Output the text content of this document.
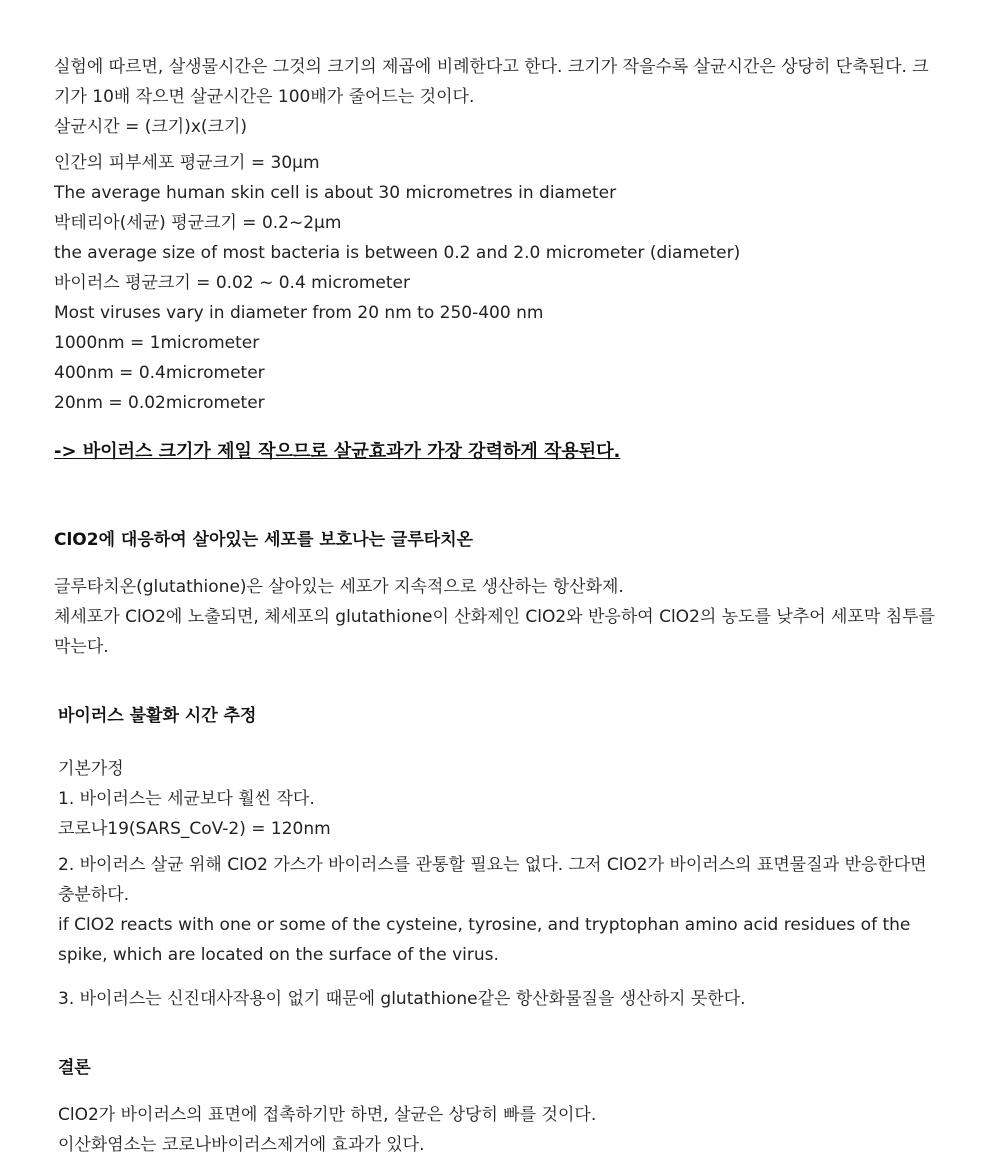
실험에 따르면, 살생물시간은 그것의 크기의 제곱에 비례한다고 한다. 크기가 작을수록 살균시간은 상당히 단축된다. 크기가 10배 작으면 살균시간은 100배가 줄어드는 것이다.

살균시간 = (크기)x(크기)

인간의 피부세포 평균크기 = 30μm

The average human skin cell is about 30 micrometres in diameter

박테리아(세균) 평균크기 = 0.2~2μm

the average size of most bacteria is between 0.2 and 2.0 micrometer (diameter)

바이러스 평균크기 = 0.02 ~ 0.4 micrometer

Most viruses vary in diameter from 20 nm to 250-400 nm

1000nm = 1micrometer

400nm = 0.4micrometer

20nm = 0.02micrometer

-> 바이러스 크기가 제일 작으므로 살균효과가 가장 강력하게 작용된다.

ClO2에 대응하여 살아있는 세포를 보호나는 글루타치온

글루타치온(glutathione)은 살아있는 세포가 지속적으로 생산하는 항산화제.

체세포가 ClO2에 노출되면, 체세포의 glutathione이 산화제인 ClO2와 반응하여 ClO2의 농도를 낮추어 세포막 침투를 막는다.

바이러스 불활화 시간 추정

기본가정

1. 바이러스는 세균보다 훨씬 작다.

코로나19(SARS_CoV-2) = 120nm

2. 바이러스 살균 위해 ClO2 가스가 바이러스를 관통할 필요는 없다. 그저 ClO2가 바이러스의 표면물질과 반응한다면 충분하다.

if ClO2 reacts with one or some of the cysteine, tyrosine, and tryptophan amino acid residues of the spike, which are located on the surface of the virus.

3. 바이러스는 신진대사작용이 없기 때문에 glutathione같은 항산화물질을 생산하지 못한다.

결론

ClO2가 바이러스의 표면에 접촉하기만 하면, 살균은 상당히 빠를 것이다.

이산화염소는 코로나바이러스제거에 효과가 있다.
